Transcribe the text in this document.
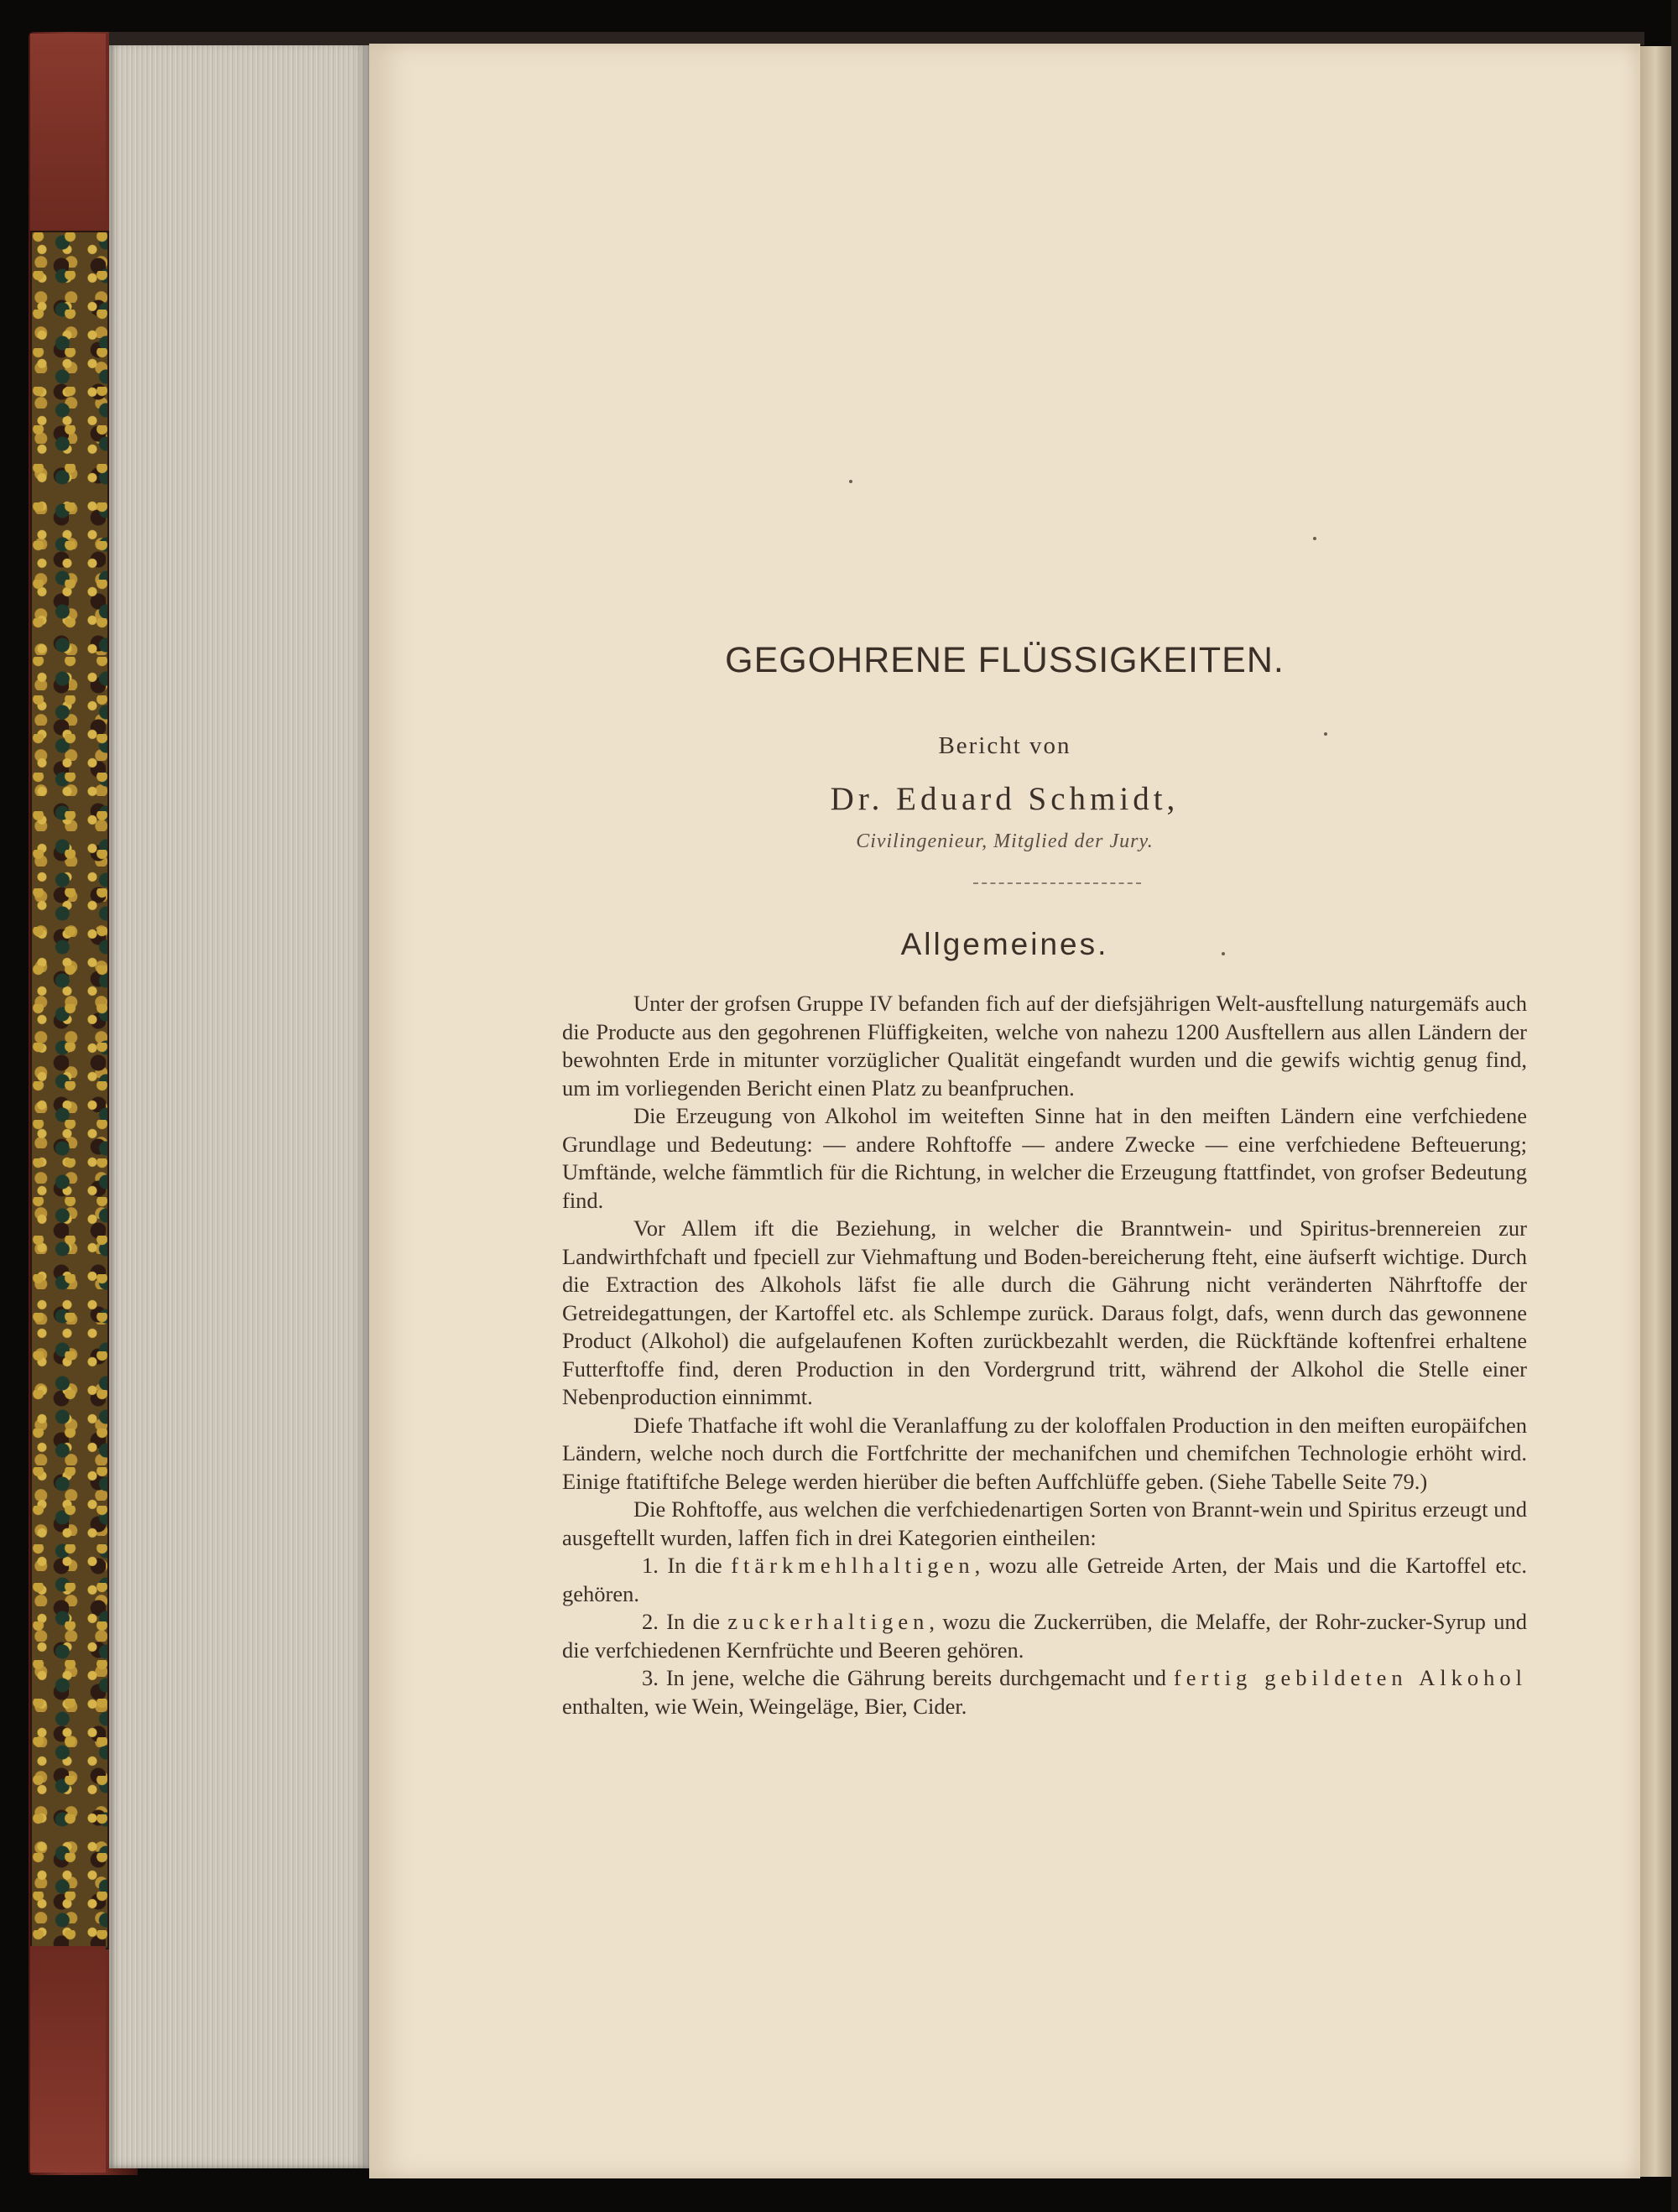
GEGOHRENE FLÜSSIGKEITEN.
Bericht von
Dr. Eduard Schmidt,
Civilingenieur, Mitglied der Jury.
Allgemeines.

Unter der grofsen Gruppe IV befanden fich auf der diefsjährigen Welt-ausftellung naturgemäfs auch die Producte aus den gegohrenen Flüffigkeiten, welche von nahezu 1200 Ausftellern aus allen Ländern der bewohnten Erde in mitunter vorzüglicher Qualität eingefandt wurden und die gewifs wichtig genug find, um im vorliegenden Bericht einen Platz zu beanfpruchen.

Die Erzeugung von Alkohol im weiteften Sinne hat in den meiften Ländern eine verfchiedene Grundlage und Bedeutung: — andere Rohftoffe — andere Zwecke — eine verfchiedene Befteuerung; Umftände, welche fämmtlich für die Richtung, in welcher die Erzeugung ftattfindet, von grofser Bedeutung find.

Vor Allem ift die Beziehung, in welcher die Branntwein- und Spiritus-brennereien zur Landwirthfchaft und fpeciell zur Viehmaftung und Boden-bereicherung fteht, eine äufserft wichtige. Durch die Extraction des Alkohols läfst fie alle durch die Gährung nicht veränderten Nährftoffe der Getreidegattungen, der Kartoffel etc. als Schlempe zurück. Daraus folgt, dafs, wenn durch das gewonnene Product (Alkohol) die aufgelaufenen Koften zurückbezahlt werden, die Rückftände koftenfrei erhaltene Futterftoffe find, deren Production in den Vordergrund tritt, während der Alkohol die Stelle einer Nebenproduction einnimmt.

Diefe Thatfache ift wohl die Veranlaffung zu der koloffalen Production in den meiften europäifchen Ländern, welche noch durch die Fortfchritte der mechanifchen und chemifchen Technologie erhöht wird. Einige ftatiftifche Belege werden hierüber die beften Auffchlüffe geben. (Siehe Tabelle Seite 79.)

Die Rohftoffe, aus welchen die verfchiedenartigen Sorten von Brannt-wein und Spiritus erzeugt und ausgeftellt wurden, laffen fich in drei Kategorien eintheilen:

1. In die ftärkmehlhaltigen, wozu alle Getreide Arten, der Mais und die Kartoffel etc. gehören.

2. In die zuckerhaltigen, wozu die Zuckerrüben, die Melaffe, der Rohr-zucker-Syrup und die verfchiedenen Kernfrüchte und Beeren gehören.

3. In jene, welche die Gährung bereits durchgemacht und fertig gebildeten Alkohol enthalten, wie Wein, Weingeläge, Bier, Cider.
